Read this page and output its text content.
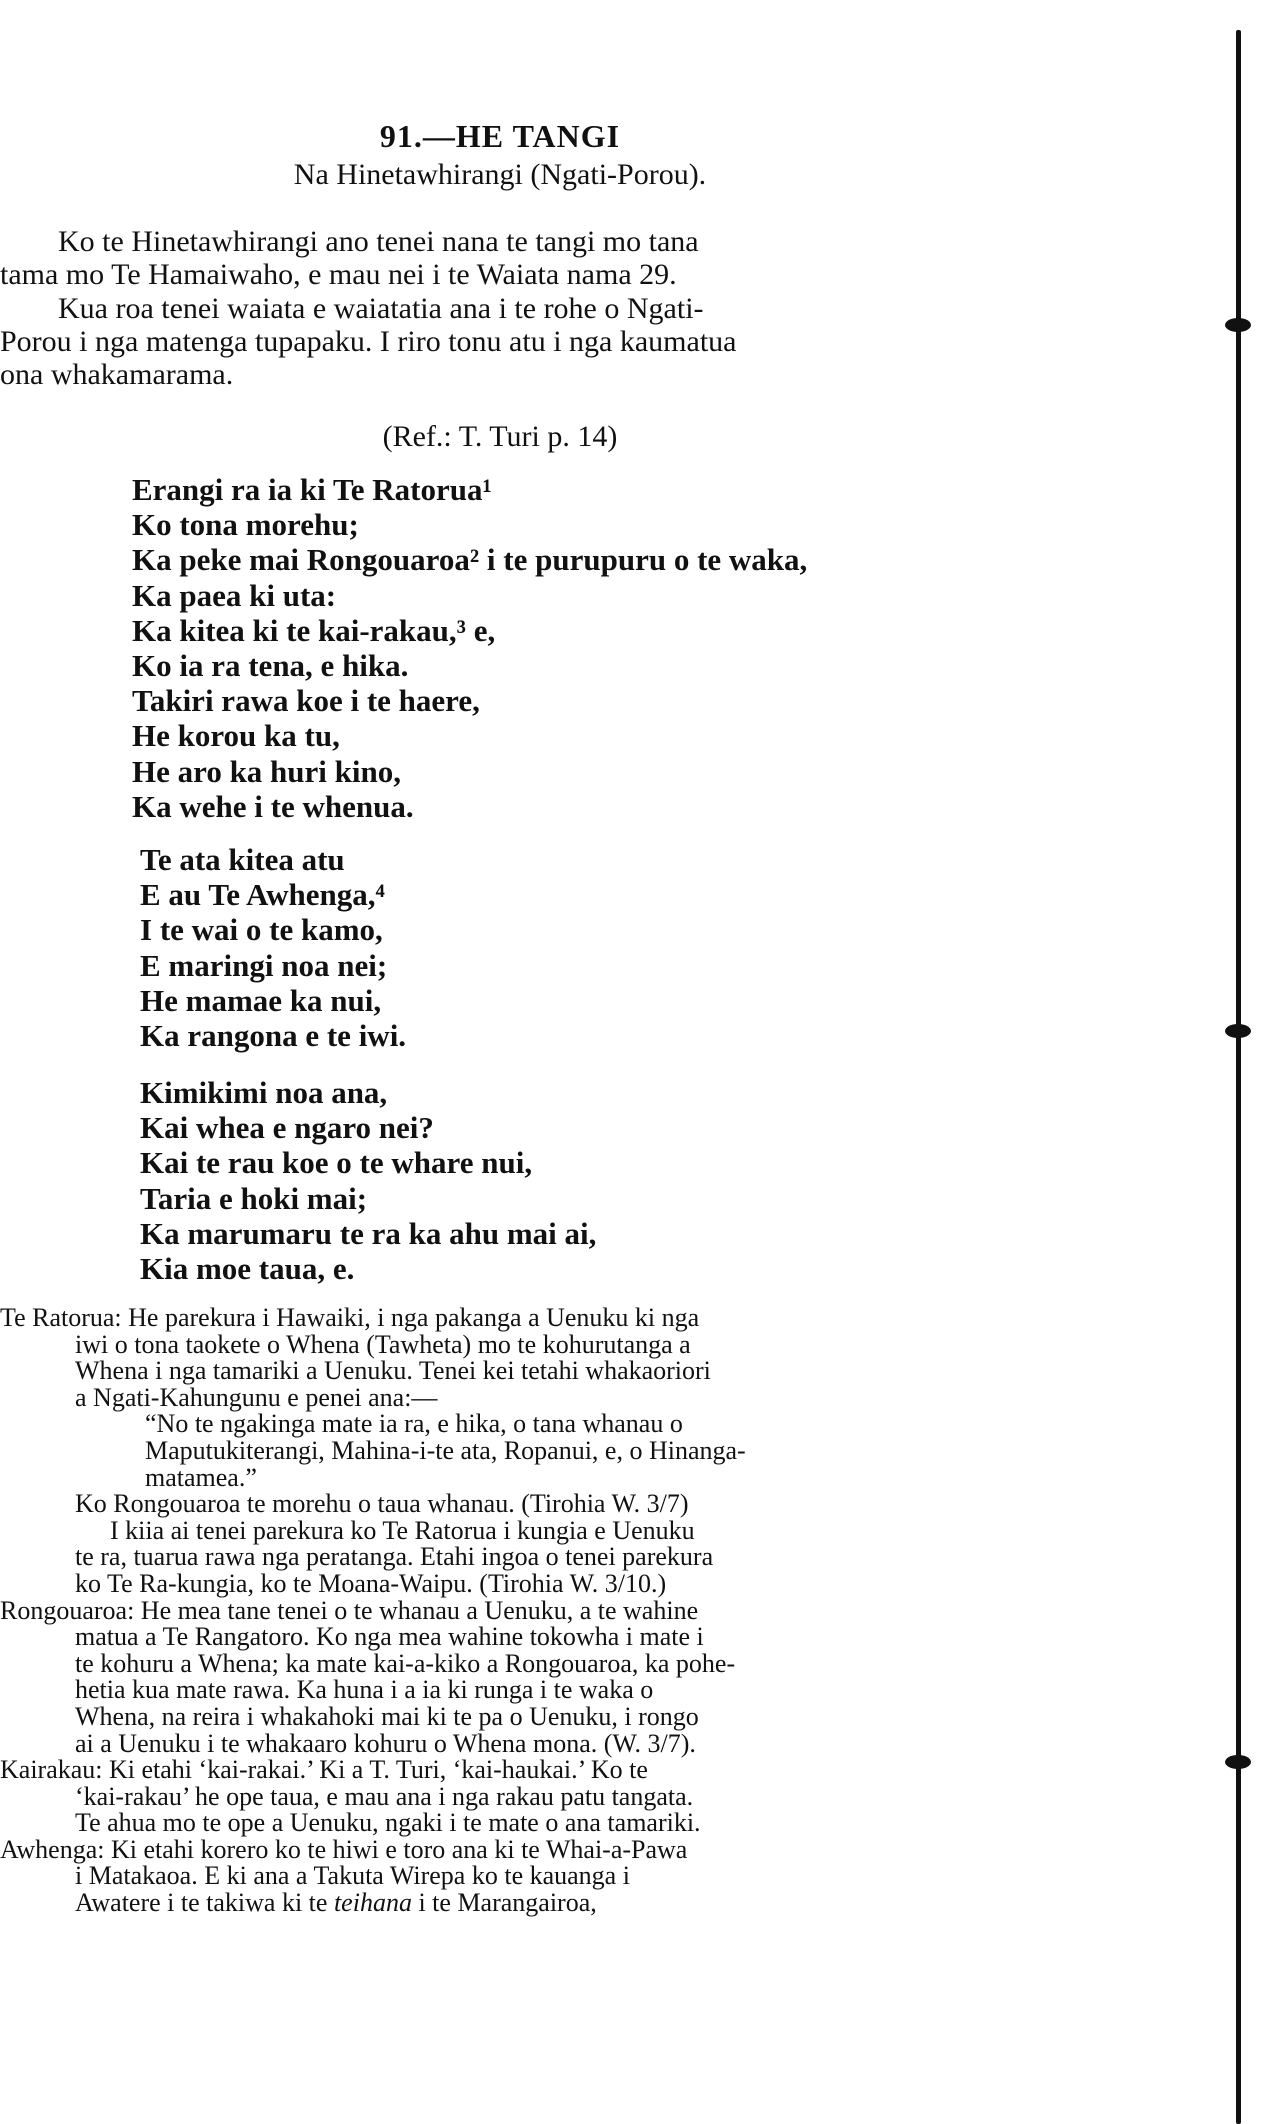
91.—HE TANGI
Na Hinetawhirangi (Ngati-Porou).

Ko te Hinetawhirangi ano tenei nana te tangi mo tana

tama mo Te Hamaiwaho, e mau nei i te Waiata nama 29.

Kua roa tenei waiata e waiatatia ana i te rohe o Ngati-

Porou i nga matenga tupapaku. I riro tonu atu i nga kaumatua

ona whakamarama.

(Ref.: T. Turi p. 14)
Erangi ra ia ki Te Ratorua¹
Ko tona morehu;
Ka peke mai Rongouaroa² i te purupuru o te waka,
Ka paea ki uta:
Ka kitea ki te kai-rakau,³ e,
Ko ia ra tena, e hika.
Takiri rawa koe i te haere,
He korou ka tu,
He aro ka huri kino,
Ka wehe i te whenua.
Te ata kitea atu
E au Te Awhenga,⁴
I te wai o te kamo,
E maringi noa nei;
He mamae ka nui,
Ka rangona e te iwi.
Kimikimi noa ana,
Kai whea e ngaro nei?
Kai te rau koe o te whare nui,
Taria e hoki mai;
Ka marumaru te ra ka ahu mai ai,
Kia moe taua, e.
Te Ratorua: He parekura i Hawaiki, i nga pakanga a Uenuku ki nga
iwi o tona taokete o Whena (Tawheta) mo te kohurutanga a
Whena i nga tamariki a Uenuku. Tenei kei tetahi whakaoriori
a Ngati-Kahungunu e penei ana:—
“No te ngakinga mate ia ra, e hika, o tana whanau o
Maputukiterangi, Mahina-i-te ata, Ropanui, e, o Hinanga-
matamea.”
Ko Rongouaroa te morehu o taua whanau. (Tirohia W. 3/7)
I kiia ai tenei parekura ko Te Ratorua i kungia e Uenuku
te ra, tuarua rawa nga peratanga. Etahi ingoa o tenei parekura
ko Te Ra-kungia, ko te Moana-Waipu. (Tirohia W. 3/10.)
Rongouaroa: He mea tane tenei o te whanau a Uenuku, a te wahine
matua a Te Rangatoro. Ko nga mea wahine tokowha i mate i
te kohuru a Whena; ka mate kai-a-kiko a Rongouaroa, ka pohe-
hetia kua mate rawa. Ka huna i a ia ki runga i te waka o
Whena, na reira i whakahoki mai ki te pa o Uenuku, i rongo
ai a Uenuku i te whakaaro kohuru o Whena mona. (W. 3/7).
Kairakau: Ki etahi ‘kai-rakai.’ Ki a T. Turi, ‘kai-haukai.’ Ko te
‘kai-rakau’ he ope taua, e mau ana i nga rakau patu tangata.
Te ahua mo te ope a Uenuku, ngaki i te mate o ana tamariki.
Awhenga: Ki etahi korero ko te hiwi e toro ana ki te Whai-a-Pawa
i Matakaoa. E ki ana a Takuta Wirepa ko te kauanga i
Awatere i te takiwa ki te teihana i te Marangairoa,
